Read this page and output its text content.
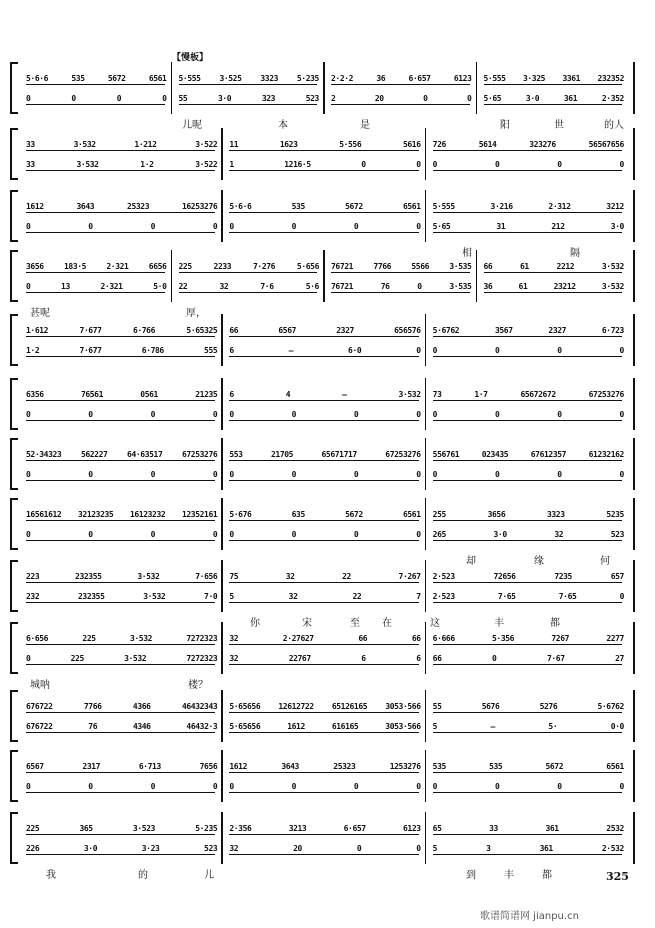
【慢板】
5·6·6	535	5672	6561
0	0	0	0
5·555 3·525 3323 5·235
55	3·0	323	523
2·2·2	36	6·657	6123
2	20	0	0
5·555 3·325 3361 232352
5·65	3·0	361	2·352
儿呢	本	是	阳	世	的人
33	3·532	1·212	3·522
33	3·532	1·2	3·522
11	1623	5·556	5616
1	1216·5	0	0
726	5614	323276	56567656
0	0	0	0
1612	3643	25323	16253276
0	0	0	0
5·6·6	535	5672	6561
0	0	0	0
5·555	3·216	2·312	3212
5·65	31	212	3·0
相	隔
3656	183·5	2·321	6656
0	13	2·321	5·0
225	2233	7·276	5·656
22	32	7·6	5·6
76721	7766	5566	3·535
76721	76	0	3·535
66	61	2212	3·532
36	61	23212	3·532
甚呢	厚，
1·612	7·677	6·766	5·65325
1·2	7·677	6·786	555
66	6567	2327	656576
6	—	6·0	0
5·6762	3567	2327	6·723
0	0	0	0
6356	76561	0561	21235
0	0	0	0
6	4	—	3·532
0	0	0	0
73	1·7	65672672	67253276
0	0	0	0
52·34323 562227 64·63517 67253276
0	0	0	0
553	21705	65671717	67253276
0	0	0	0
556761	023435	67612357	61232162
0	0	0	0
16561612 32123235 16123232 12352161
0	0	0	0
5·676	635	5672	6561
0	0	0	0
255	3656	3323	5235
265	3·0	32	523
却	缘	何
223	232355	3·532	7·656
232	232355	3·532	7·0
75	32	22	7·267
5	32	22	7
2·523	72656	7235	657
2·523	7·65	7·65	0
你	宋	至 在	这	丰	都
6·656	225	3·532	7272323
0	225	3·532	7272323
32	2·27627	66	66
32	22767	6	6
6·666	5·356	7267	2277
66	0	7·67	27
城呐	楼？
676722	7766	4366	46432343
676722	76	4346	46432·3
5·65656 12612722 65126165 3053·566
5·65656	1612	616165	3053·566
55	5676	5276	5·6762
5	—	5·	0·0
6567	2317	6·713	7656
0	0	0	0
1612	3643	25323	1253276
0	0	0	0
535	535	5672	6561
0	0	0	0
225	365	3·523	5·235
226	3·0	3·23	523
2·356	3213	6·657	6123
32	20	0	0
65	33	361	2532
5	3	361	2·532
我	的	儿	到	丰	都	325
歌谱简谱网 jianpu.cn
